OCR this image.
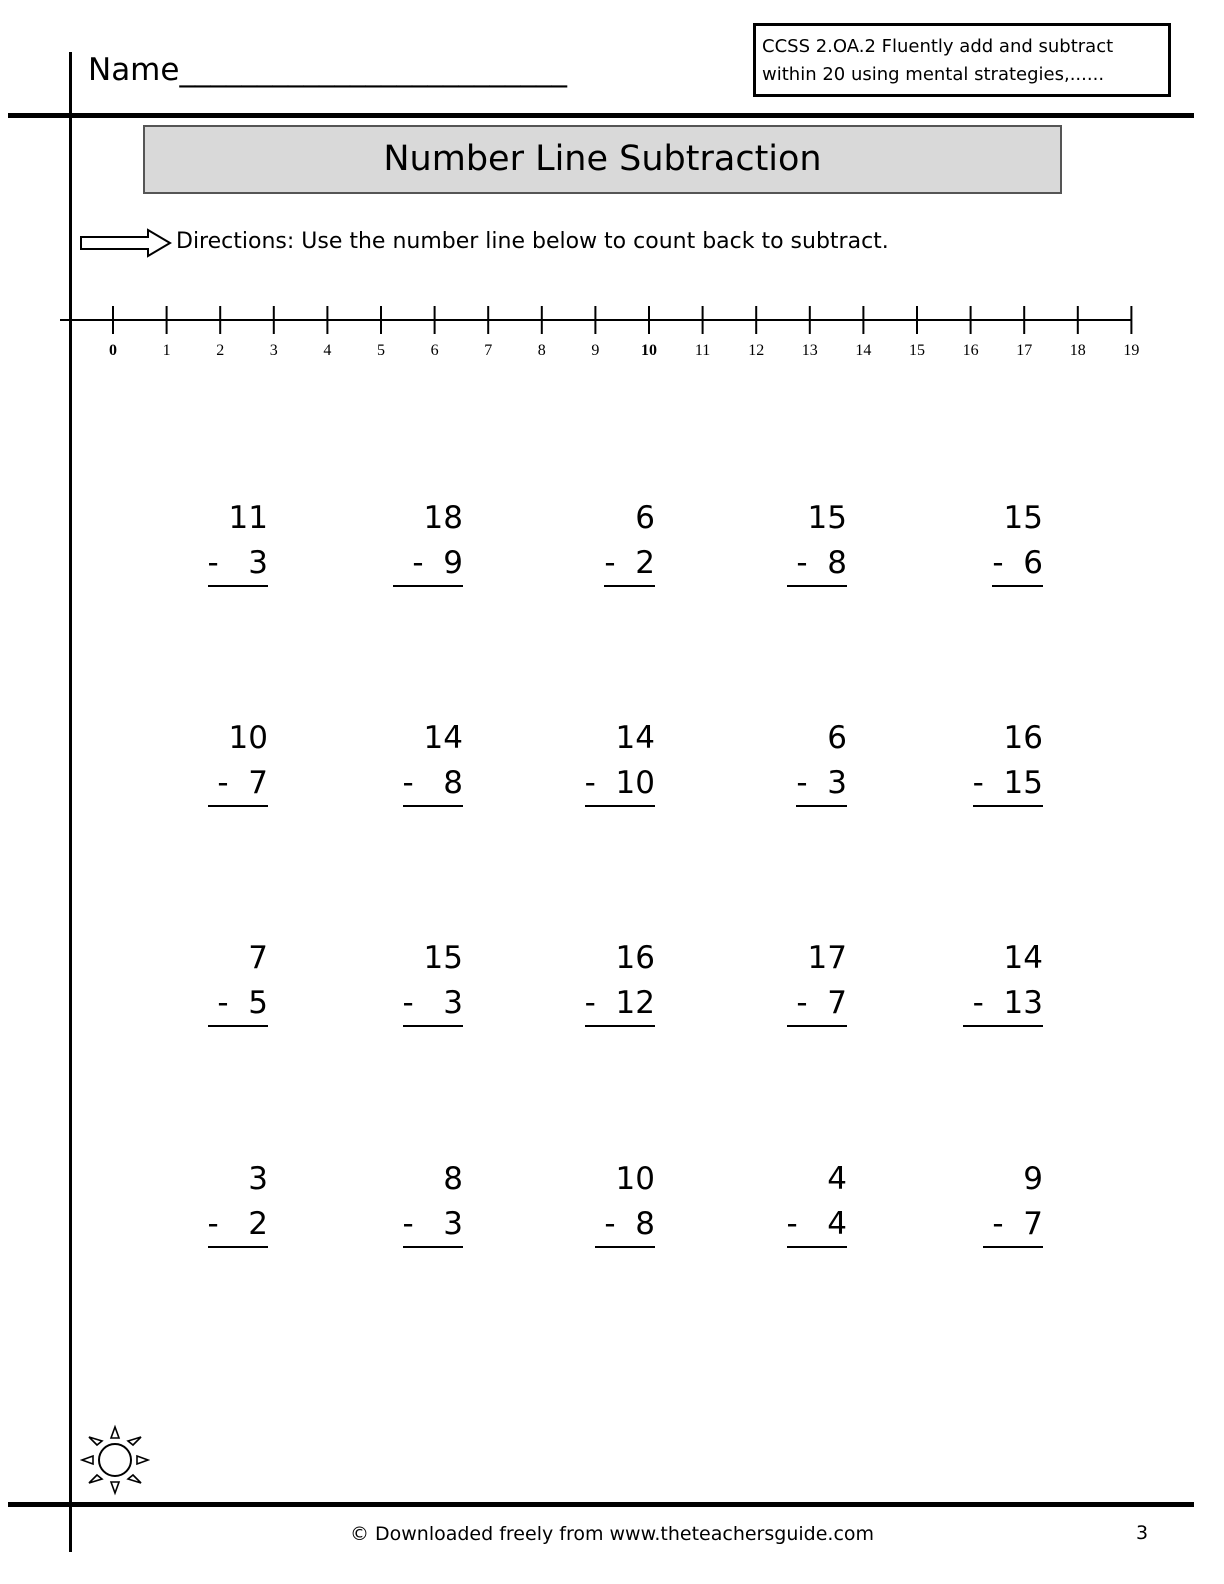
Name_________________________
CCSS 2.OA.2 Fluently add and subtract
within 20 using mental strategies,......
Number Line Subtraction
Directions: Use the number line below to count back to subtract.
0	1	2	3	4	5	6	7	8	9	10 11 12 13 14 15 16 17 18 19
11
-   3
18
-  9
6
-  2
15
-  8
15
-  6
10
-  7
14
-   8
14
-  10
6
-  3
16
-  15
7
-  5
15
-   3
16
-  12
17
-  7
14
-  13
3
-   2
8
-   3
10
-  8
4
-   4
9
-  7
© Downloaded freely from www.theteachersguide.com	3
